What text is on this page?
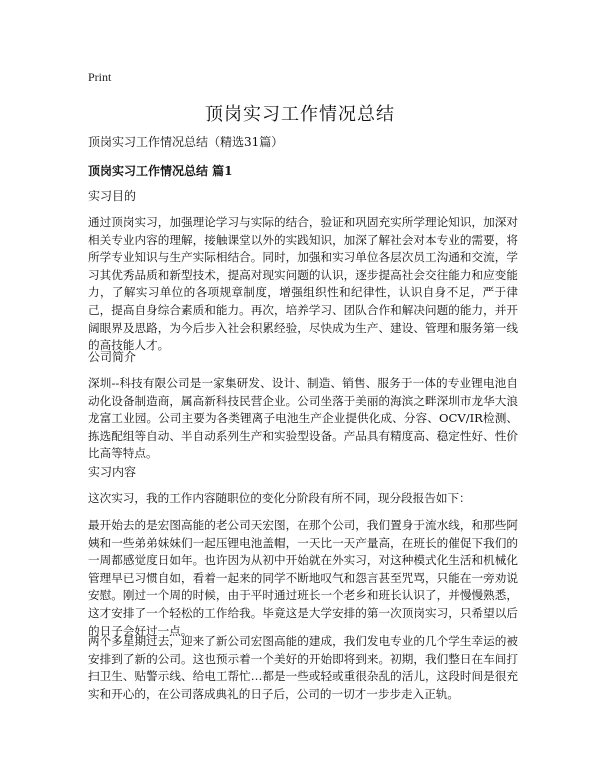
Print
顶岗实习工作情况总结

顶岗实习工作情况总结（精选31篇）

顶岗实习工作情况总结 篇1

实习目的

通过顶岗实习，加强理论学习与实际的结合，验证和巩固充实所学理论知识，加深对相关专业内容的理解，接触课堂以外的实践知识，加深了解社会对本专业的需要，将所学专业知识与生产实际相结合。同时，加强和实习单位各层次员工沟通和交流，学习其优秀品质和新型技术，提高对现实问题的认识，逐步提高社会交往能力和应变能力，了解实习单位的各项规章制度，增强组织性和纪律性，认识自身不足，严于律己，提高自身综合素质和能力。再次，培养学习、团队合作和解决问题的能力，并开阔眼界及思路，为今后步入社会积累经验，尽快成为生产、建设、管理和服务第一线的高技能人才。

公司简介

深圳--科技有限公司是一家集研发、设计、制造、销售、服务于一体的专业锂电池自动化设备制造商，属高新科技民营企业。公司坐落于美丽的海滨之畔深圳市龙华大浪龙富工业园。公司主要为各类锂离子电池生产企业提供化成、分容、OCV/IR检测、拣选配组等自动、半自动系列生产和实验型设备。产品具有精度高、稳定性好、性价比高等特点。

实习内容

这次实习，我的工作内容随职位的变化分阶段有所不同，现分段报告如下：

最开始去的是宏图高能的老公司天宏图，在那个公司，我们置身于流水线，和那些阿姨和一些弟弟妹妹们一起压锂电池盖帽，一天比一天产量高，在班长的催促下我们的一周都感觉度日如年。也许因为从初中开始就在外实习，对这种模式化生活和机械化管理早已习惯自如，看着一起来的同学不断地叹气和怨言甚至咒骂，只能在一旁劝说安慰。刚过一个周的时候，由于平时通过班长一个老乡和班长认识了，并慢慢熟悉，这才安排了一个轻松的工作给我。毕竟这是大学安排的第一次顶岗实习，只希望以后的日子会好过一点。

两个多星期过去，迎来了新公司宏图高能的建成，我们发电专业的几个学生幸运的被安排到了新的公司。这也预示着一个美好的开始即将到来。初期，我们整日在车间打扫卫生、贴警示线、给电工帮忙…都是一些或轻或重很杂乱的活儿，这段时间是很充实和开心的，在公司落成典礼的日子后，公司的一切才一步步走入正轨。
